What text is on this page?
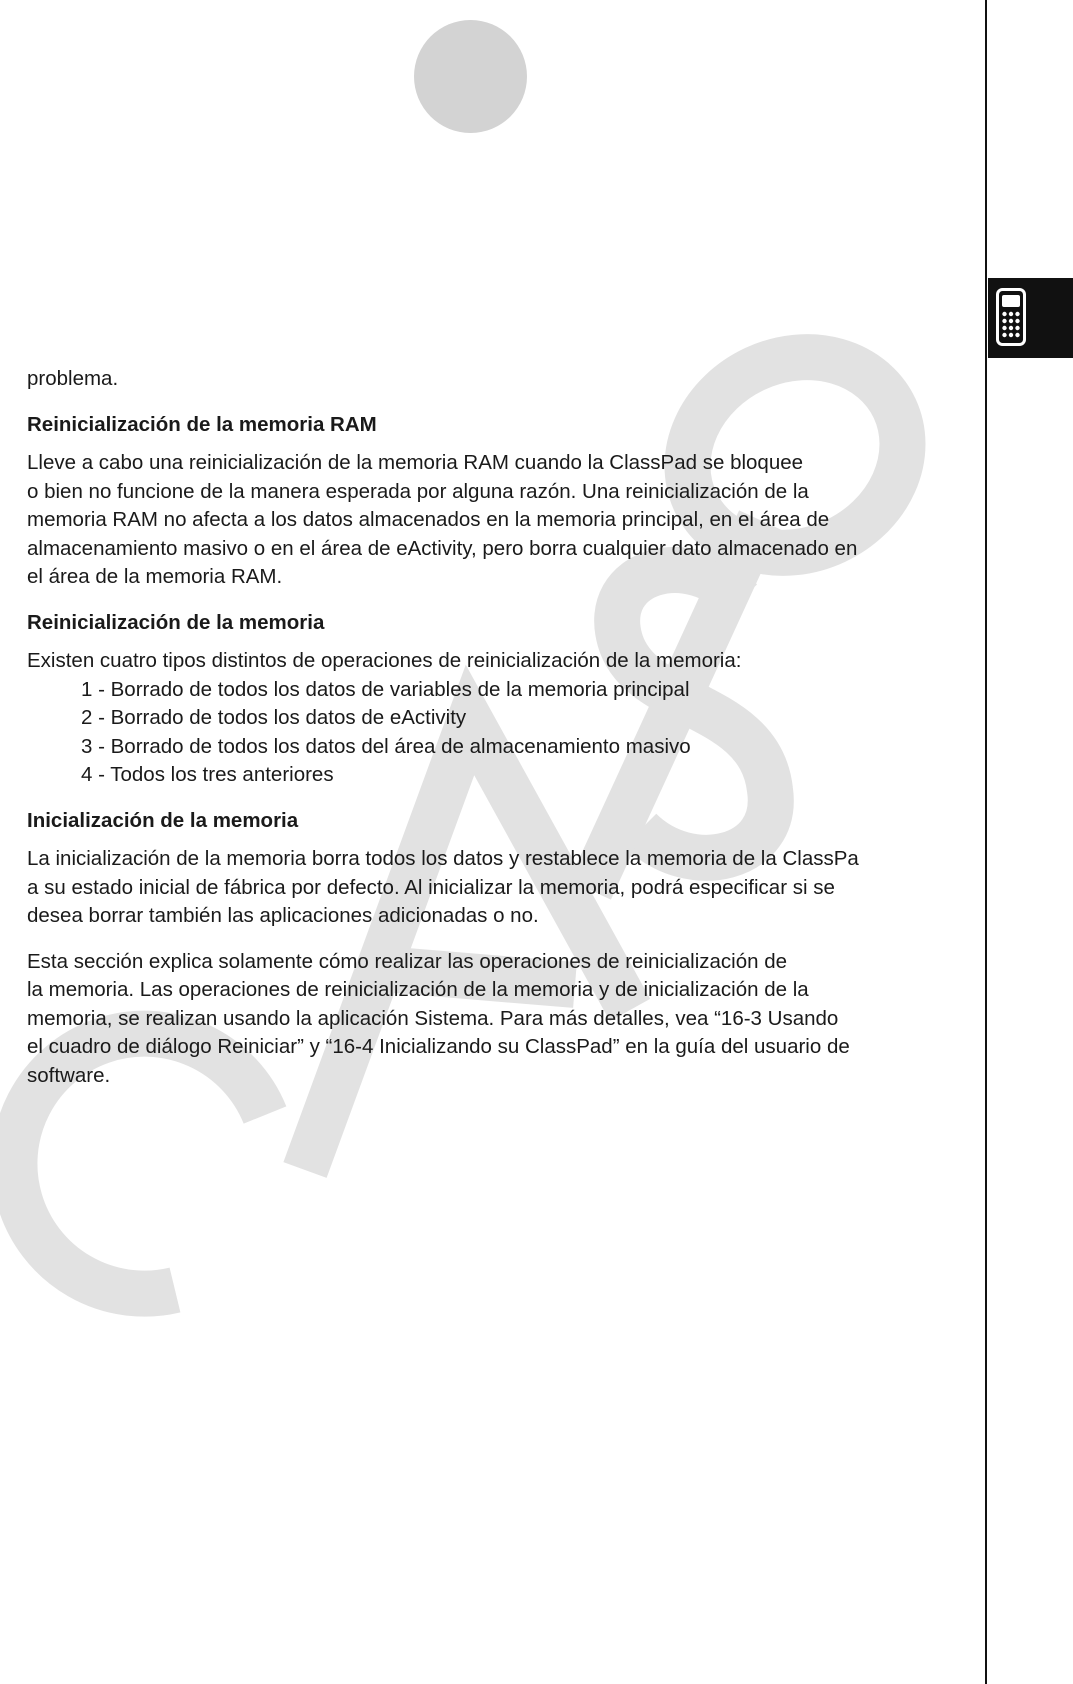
problema.

Reinicialización de la memoria RAM

Lleve a cabo una reinicialización de la memoria RAM cuando la ClassPad se bloquee
o bien no funcione de la manera esperada por alguna razón. Una reinicialización de la
memoria RAM no afecta a los datos almacenados en la memoria principal, en el área de
almacenamiento masivo o en el área de eActivity, pero borra cualquier dato almacenado en
el área de la memoria RAM.

Reinicialización de la memoria

Existen cuatro tipos distintos de operaciones de reinicialización de la memoria:

1 - Borrado de todos los datos de variables de la memoria principal
2 - Borrado de todos los datos de eActivity
3 - Borrado de todos los datos del área de almacenamiento masivo
4 - Todos los tres anteriores

Inicialización de la memoria

La inicialización de la memoria borra todos los datos y restablece la memoria de la ClassPa
a su estado inicial de fábrica por defecto. Al inicializar la memoria, podrá especificar si se
desea borrar también las aplicaciones adicionadas o no.

Esta sección explica solamente cómo realizar las operaciones de reinicialización de
la memoria. Las operaciones de reinicialización de la memoria y de inicialización de la
memoria, se realizan usando la aplicación Sistema. Para más detalles, vea “16-3 Usando
el cuadro de diálogo Reiniciar” y “16-4 Inicializando su ClassPad” en la guía del usuario de
software.
